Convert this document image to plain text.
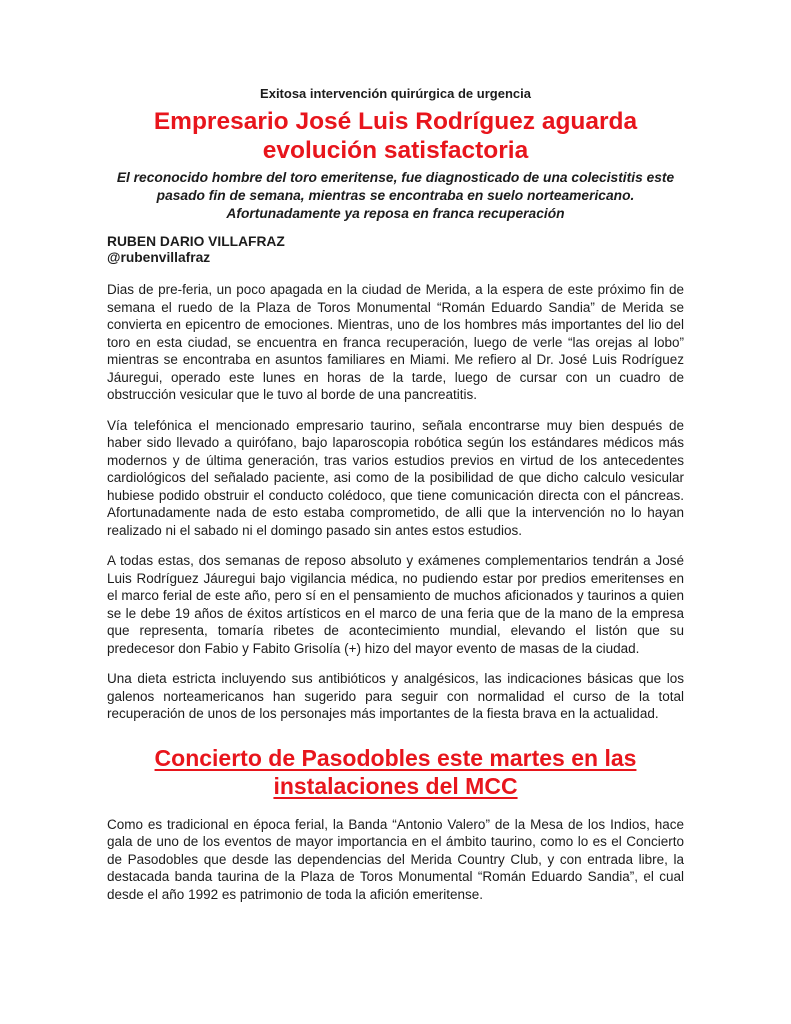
Exitosa intervención quirúrgica de urgencia

Empresario José Luis Rodríguez aguarda evolución satisfactoria

El reconocido hombre del toro emeritense, fue diagnosticado de una colecistitis este pasado fin de semana, mientras se encontraba en suelo norteamericano. Afortunadamente ya reposa en franca recuperación

RUBEN DARIO VILLAFRAZ
@rubenvillafraz

Dias de pre-feria, un poco apagada en la ciudad de Merida, a la espera de este próximo fin de semana el ruedo de la Plaza de Toros Monumental “Román Eduardo Sandia” de Merida se convierta en epicentro de emociones. Mientras, uno de los hombres más importantes del lio del toro en esta ciudad, se encuentra en franca recuperación, luego de verle “las orejas al lobo” mientras se encontraba en asuntos familiares en Miami. Me refiero al Dr. José Luis Rodríguez Jáuregui, operado este lunes en horas de la tarde, luego de cursar con un cuadro de obstrucción vesicular que le tuvo al borde de una pancreatitis.

Vía telefónica el mencionado empresario taurino, señala encontrarse muy bien después de haber sido llevado a quirófano, bajo laparoscopia robótica según los estándares médicos más modernos y de última generación, tras varios estudios previos en virtud de los antecedentes cardiológicos del señalado paciente, asi como de la posibilidad de que dicho calculo vesicular hubiese podido obstruir el conducto colédoco, que tiene comunicación directa con el páncreas. Afortunadamente nada de esto estaba comprometido, de alli que la intervención no lo hayan realizado ni el sabado ni el domingo pasado sin antes estos estudios.

A todas estas, dos semanas de reposo absoluto y exámenes complementarios tendrán a José Luis Rodríguez Jáuregui bajo vigilancia médica, no pudiendo estar por predios emeritenses en el marco ferial de este año, pero sí en el pensamiento de muchos aficionados y taurinos a quien se le debe 19 años de éxitos artísticos en el marco de una feria que de la mano de la empresa que representa, tomaría ribetes de acontecimiento mundial, elevando el listón que su predecesor don Fabio y Fabito Grisolía (+) hizo del mayor evento de masas de la ciudad.

Una dieta estricta incluyendo sus antibióticos y analgésicos, las indicaciones básicas que los galenos norteamericanos han sugerido para seguir con normalidad el curso de la total recuperación de unos de los personajes más importantes de la fiesta brava en la actualidad.

Concierto de Pasodobles este martes en las instalaciones del MCC

Como es tradicional en época ferial, la Banda “Antonio Valero” de la Mesa de los Indios, hace gala de uno de los eventos de mayor importancia en el ámbito taurino, como lo es el Concierto de Pasodobles que desde las dependencias del Merida Country Club, y con entrada libre, la destacada banda taurina de la Plaza de Toros Monumental “Román Eduardo Sandia”, el cual desde el año 1992 es patrimonio de toda la afición emeritense.
